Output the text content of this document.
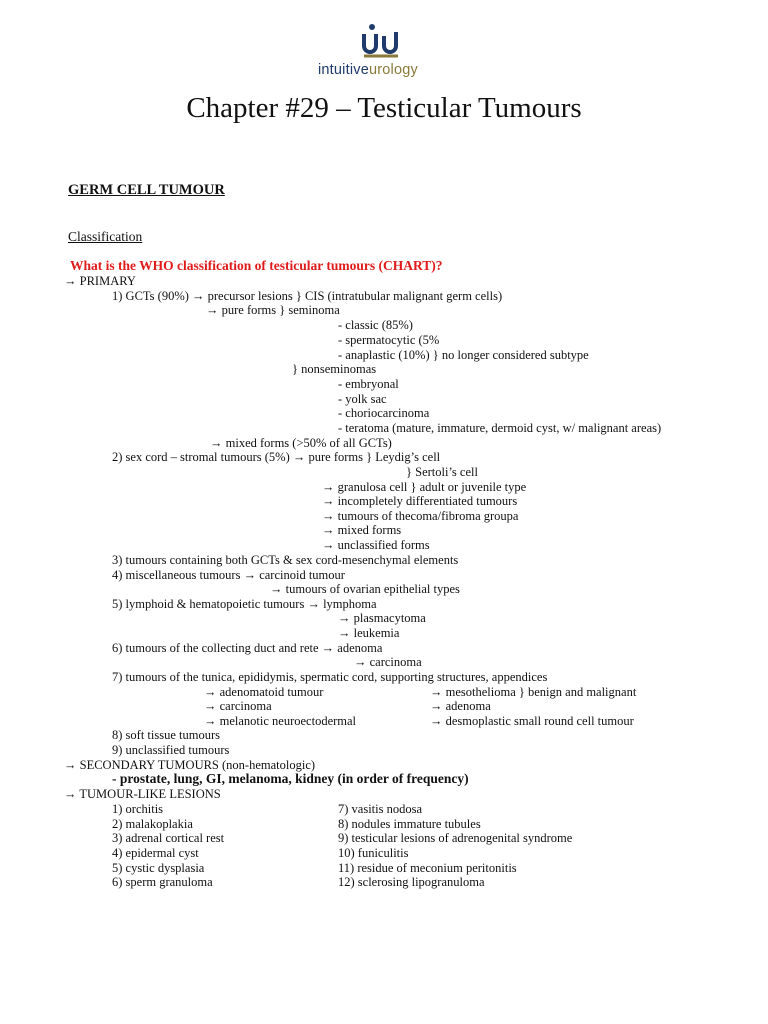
intuitiveurology
Chapter #29 – Testicular Tumours
GERM CELL TUMOUR
Classification
What is the WHO classification of testicular tumours (CHART)?
→ PRIMARY
1) GCTs (90%) → precursor lesions } CIS (intratubular malignant germ cells)
→ pure forms } seminoma
- classic (85%)
- spermatocytic (5%
- anaplastic (10%) } no longer considered subtype
} nonseminomas
- embryonal
- yolk sac
- choriocarcinoma
- teratoma (mature, immature, dermoid cyst, w/ malignant areas)
→ mixed forms (>50% of all GCTs)
2) sex cord – stromal tumours (5%) → pure forms } Leydig’s cell
} Sertoli’s cell
→ granulosa cell } adult or juvenile type
→ incompletely differentiated tumours
→ tumours of thecoma/fibroma groupa
→ mixed forms
→ unclassified forms
3) tumours containing both GCTs & sex cord-mesenchymal elements
4) miscellaneous tumours → carcinoid tumour
→ tumours of ovarian epithelial types
5) lymphoid & hematopoietic tumours → lymphoma
→ plasmacytoma
→ leukemia
6) tumours of the collecting duct and rete → adenoma
→ carcinoma
7) tumours of the tunica, epididymis, spermatic cord, supporting structures, appendices
→ adenomatoid tumour	→ mesothelioma } benign and malignant
→ carcinoma	→ adenoma
→ melanotic neuroectodermal	→ desmoplastic small round cell tumour
8) soft tissue tumours
9) unclassified tumours
→ SECONDARY TUMOURS (non-hematologic)
- prostate, lung, GI, melanoma, kidney (in order of frequency)
→ TUMOUR-LIKE LESIONS
1) orchitis	7) vasitis nodosa
2) malakoplakia	8) nodules immature tubules
3) adrenal cortical rest	9) testicular lesions of adrenogenital syndrome
4) epidermal cyst	10) funiculitis
5) cystic dysplasia	11) residue of meconium peritonitis
6) sperm granuloma	12) sclerosing lipogranuloma
